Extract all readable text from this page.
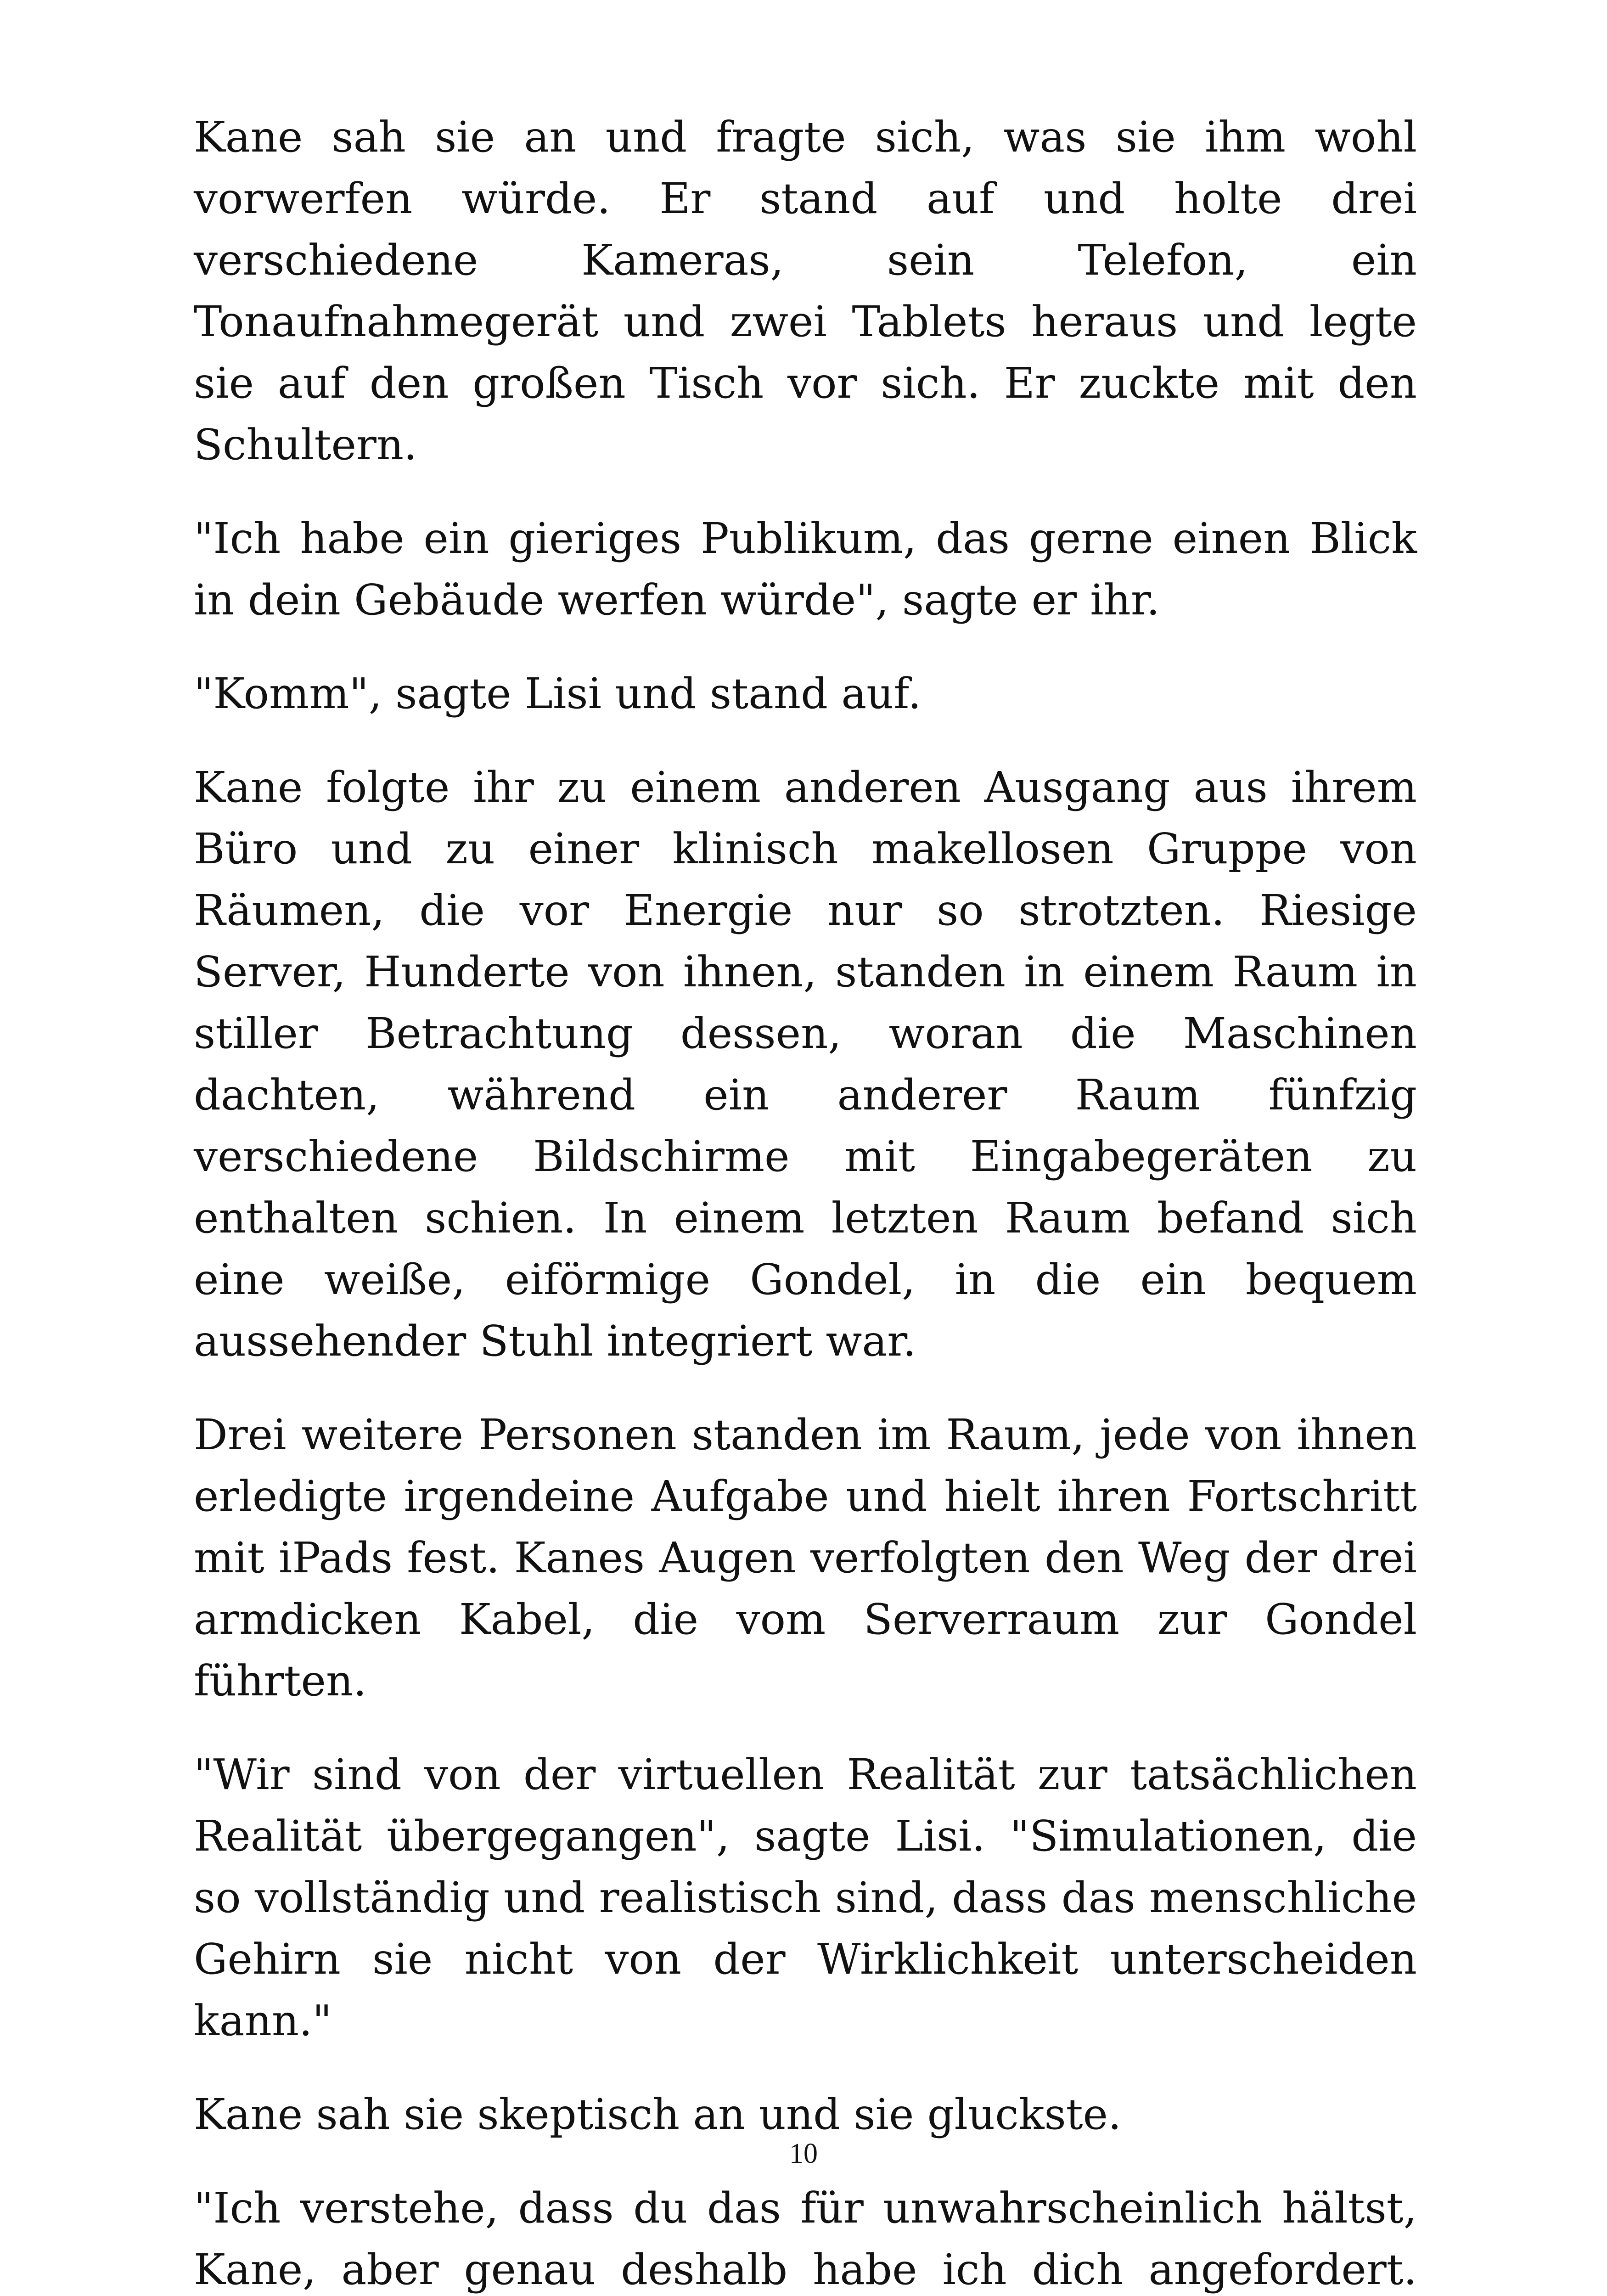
Kane sah sie an und fragte sich, was sie ihm wohl vorwerfen würde. Er stand auf und holte drei verschiedene Kameras, sein Telefon, ein Tonaufnahmegerät und zwei Tablets heraus und legte sie auf den großen Tisch vor sich. Er zuckte mit den Schultern.

"Ich habe ein gieriges Publikum, das gerne einen Blick in dein Gebäude werfen würde", sagte er ihr.

"Komm", sagte Lisi und stand auf.

Kane folgte ihr zu einem anderen Ausgang aus ihrem Büro und zu einer klinisch makellosen Gruppe von Räumen, die vor Energie nur so strotzten. Riesige Server, Hunderte von ihnen, standen in einem Raum in stiller Betrachtung dessen, woran die Maschinen dachten, während ein anderer Raum fünfzig verschiedene Bildschirme mit Eingabegeräten zu enthalten schien. In einem letzten Raum befand sich eine weiße, eiförmige Gondel, in die ein bequem aussehender Stuhl integriert war.

Drei weitere Personen standen im Raum, jede von ihnen erledigte irgendeine Aufgabe und hielt ihren Fortschritt mit iPads fest. Kanes Augen verfolgten den Weg der drei armdicken Kabel, die vom Serverraum zur Gondel führten.

"Wir sind von der virtuellen Realität zur tatsächlichen Realität übergegangen", sagte Lisi. "Simulationen, die so vollständig und realistisch sind, dass das menschliche Gehirn sie nicht von der Wirklichkeit unterscheiden kann."

Kane sah sie skeptisch an und sie gluckste.

"Ich verstehe, dass du das für unwahrscheinlich hältst, Kane, aber genau deshalb habe ich dich angefordert.

10
